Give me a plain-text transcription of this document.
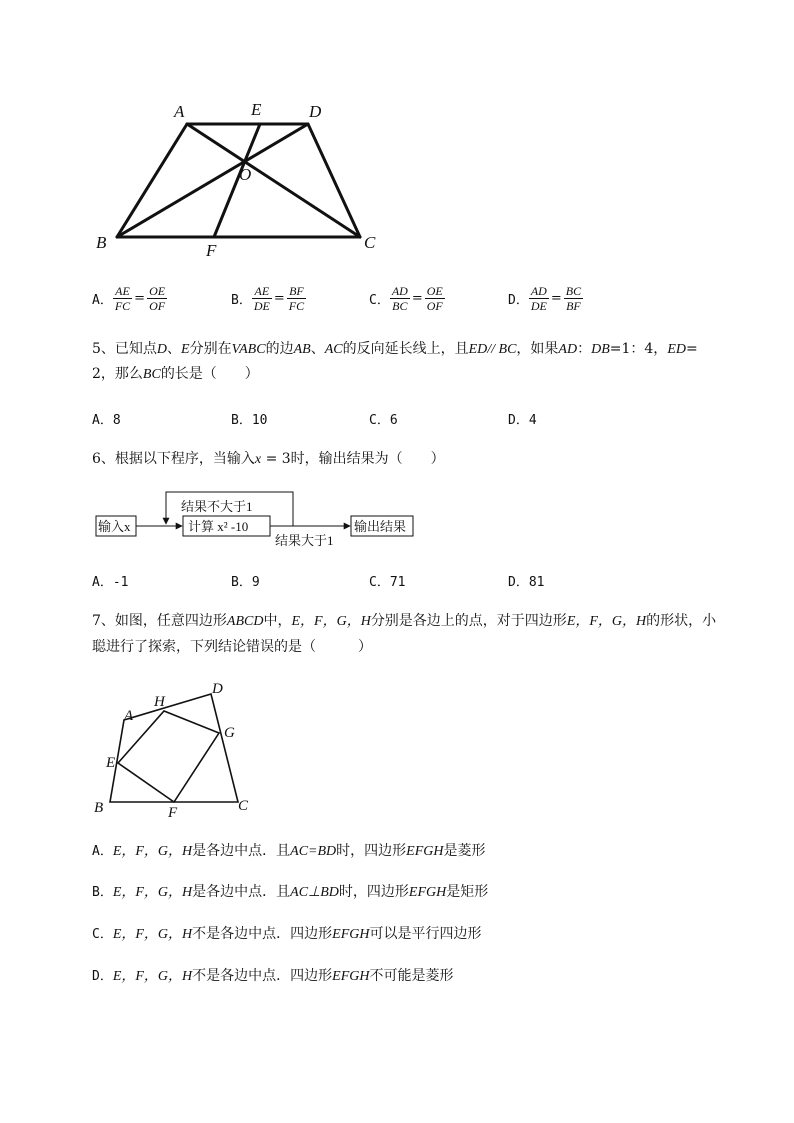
A	E	D
O
B	F	C
A． $\frac{AE}{FC} = \frac{OE}{OF}$	B． $\frac{AE}{DE} = \frac{BF}{FC}$	C． $\frac{AD}{BC} = \frac{OE}{OF}$	D． $\frac{AD}{DE} = \frac{BC}{BF}$
5、已知点D、E分别在VABC的边AB、AC的反向延长线上，且ED// BC，如果AD：DB=1：4，ED=
2，那么BC的长是（　　）
A．8	B．10	C．6	D．4
6、根据以下程序，当输入x = 3时，输出结果为（　　）
输入x
结果不大于1
计算 x² -10
结果大于1
输出结果
A．-1	B．9	C．71	D．81
7、如图，任意四边形ABCD中，E，F，G，H分别是各边上的点，对于四边形E，F，G，H的形状，小
聪进行了探索，下列结论错误的是（　　　）
A
H
D
G
E
B	F	C
A．E，F，G，H是各边中点．且AC=BD时，四边形EFGH是菱形
B．E，F，G，H是各边中点．且AC⊥BD时，四边形EFGH是矩形
C．E，F，G，H不是各边中点．四边形EFGH可以是平行四边形
D．E，F，G，H不是各边中点．四边形EFGH不可能是菱形
